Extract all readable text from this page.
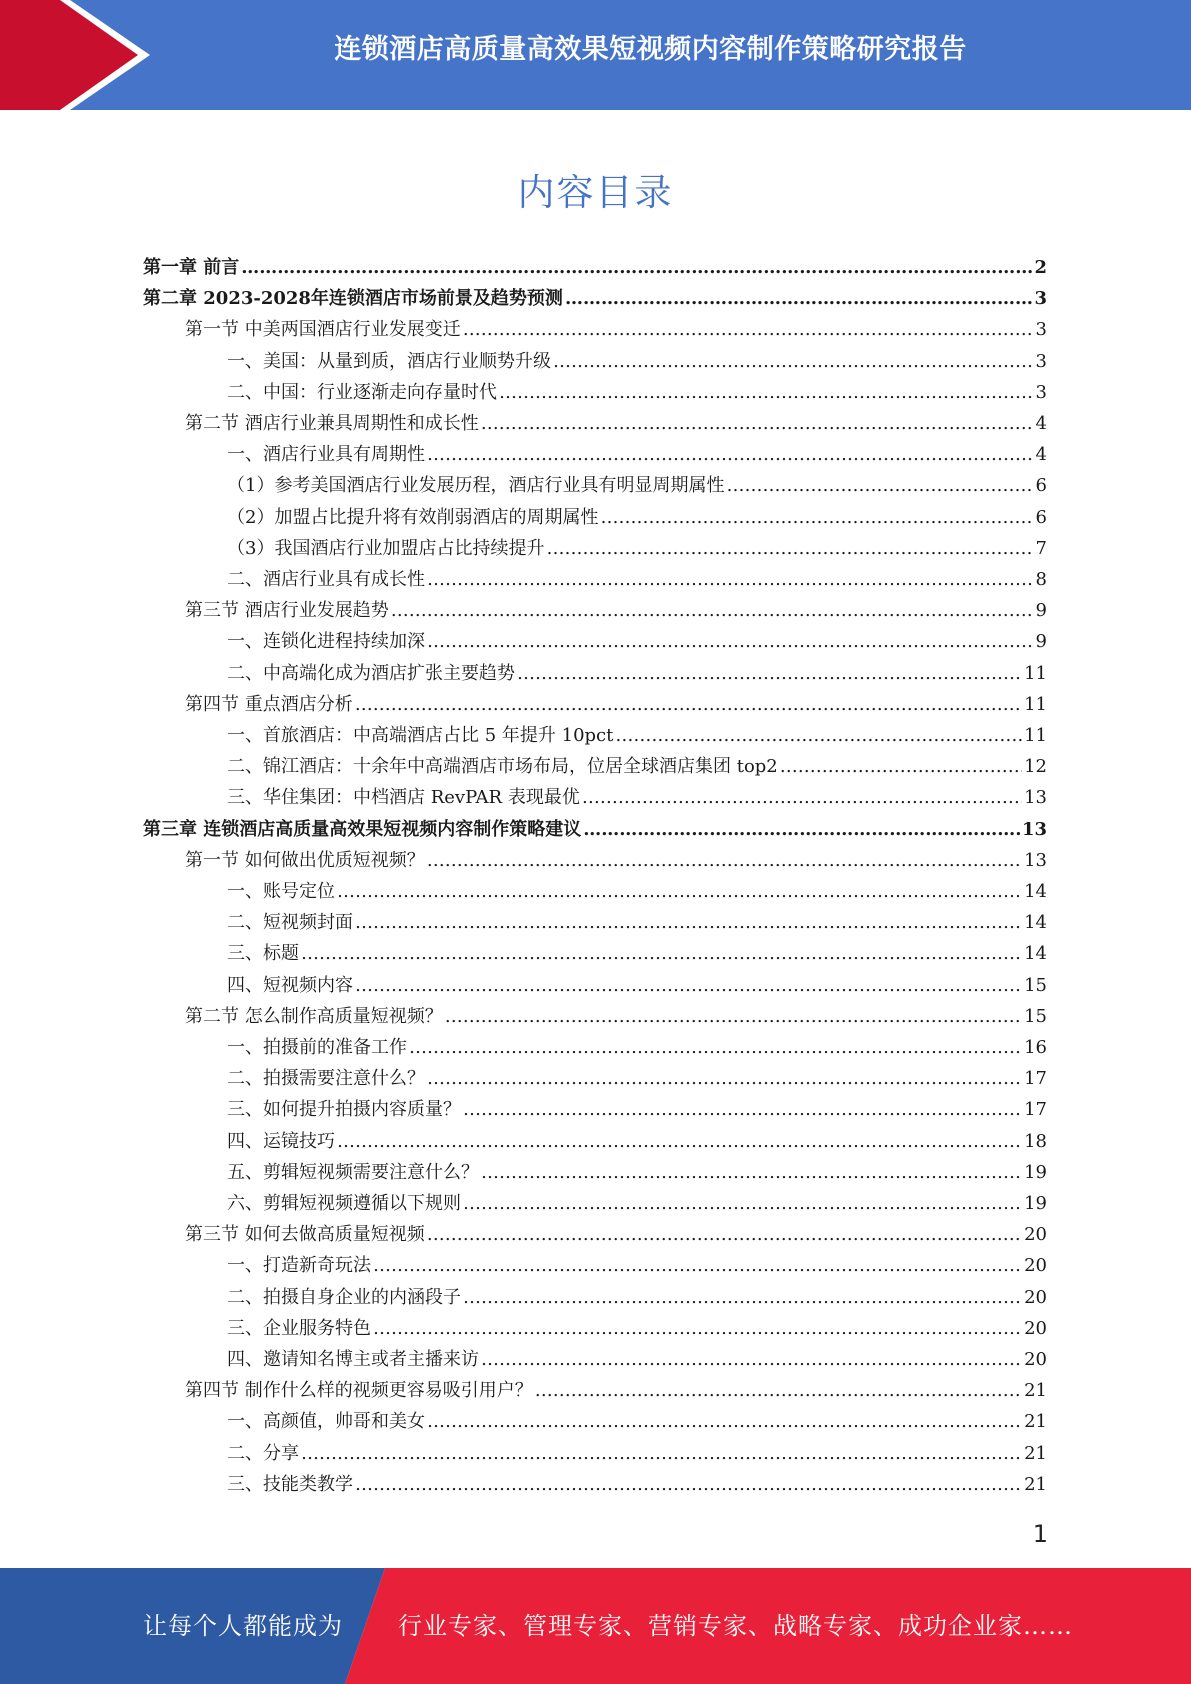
连锁酒店高质量高效果短视频内容制作策略研究报告
内容目录
第一章 前言 …………………………………………………………………………………………………………………………………………………………………………………………………………………………………………	2
第二章 2023-2028年连锁酒店市场前景及趋势预测 …………………………………………………………………………………………………………………………………………………………………………………………………………………………………………	3
第一节 中美两国酒店行业发展变迁 …………………………………………………………………………………………………………………………………………………………………………………………………………………………………………	3
一、美国：从量到质，酒店行业顺势升级 …………………………………………………………………………………………………………………………………………………………………………………………………………………………………………	3
二、中国：行业逐渐走向存量时代 …………………………………………………………………………………………………………………………………………………………………………………………………………………………………………	3
第二节 酒店行业兼具周期性和成长性 …………………………………………………………………………………………………………………………………………………………………………………………………………………………………………	4
一、酒店行业具有周期性 …………………………………………………………………………………………………………………………………………………………………………………………………………………………………………	4
（1）参考美国酒店行业发展历程，酒店行业具有明显周期属性 …………………………………………………………………………………………………………………………………………………………………………………………………………………………………………	6
（2）加盟占比提升将有效削弱酒店的周期属性 …………………………………………………………………………………………………………………………………………………………………………………………………………………………………………	6
（3）我国酒店行业加盟店占比持续提升 …………………………………………………………………………………………………………………………………………………………………………………………………………………………………………	7
二、酒店行业具有成长性 …………………………………………………………………………………………………………………………………………………………………………………………………………………………………………	8
第三节 酒店行业发展趋势 …………………………………………………………………………………………………………………………………………………………………………………………………………………………………………	9
一、连锁化进程持续加深 …………………………………………………………………………………………………………………………………………………………………………………………………………………………………………	9
二、中高端化成为酒店扩张主要趋势 …………………………………………………………………………………………………………………………………………………………………………………………………………………………………………	11
第四节 重点酒店分析 …………………………………………………………………………………………………………………………………………………………………………………………………………………………………………	11
一、首旅酒店：中高端酒店占比 5 年提升 10pct …………………………………………………………………………………………………………………………………………………………………………………………………………………………………………	11
二、锦江酒店：十余年中高端酒店市场布局，位居全球酒店集团 top2 …………………………………………………………………………………………………………………………………………………………………………………………………………………………………………	12
三、华住集团：中档酒店 RevPAR 表现最优 …………………………………………………………………………………………………………………………………………………………………………………………………………………………………………	13
第三章 连锁酒店高质量高效果短视频内容制作策略建议 …………………………………………………………………………………………………………………………………………………………………………………………………………………………………………	13
第一节 如何做出优质短视频？ …………………………………………………………………………………………………………………………………………………………………………………………………………………………………………	13
一、账号定位 …………………………………………………………………………………………………………………………………………………………………………………………………………………………………………	14
二、短视频封面 …………………………………………………………………………………………………………………………………………………………………………………………………………………………………………	14
三、标题 …………………………………………………………………………………………………………………………………………………………………………………………………………………………………………	14
四、短视频内容 …………………………………………………………………………………………………………………………………………………………………………………………………………………………………………	15
第二节 怎么制作高质量短视频？ …………………………………………………………………………………………………………………………………………………………………………………………………………………………………………	15
一、拍摄前的准备工作 …………………………………………………………………………………………………………………………………………………………………………………………………………………………………………	16
二、拍摄需要注意什么？ …………………………………………………………………………………………………………………………………………………………………………………………………………………………………………	17
三、如何提升拍摄内容质量？ …………………………………………………………………………………………………………………………………………………………………………………………………………………………………………	17
四、运镜技巧 …………………………………………………………………………………………………………………………………………………………………………………………………………………………………………	18
五、剪辑短视频需要注意什么？ …………………………………………………………………………………………………………………………………………………………………………………………………………………………………………	19
六、剪辑短视频遵循以下规则 …………………………………………………………………………………………………………………………………………………………………………………………………………………………………………	19
第三节 如何去做高质量短视频 …………………………………………………………………………………………………………………………………………………………………………………………………………………………………………	20
一、打造新奇玩法 …………………………………………………………………………………………………………………………………………………………………………………………………………………………………………	20
二、拍摄自身企业的内涵段子 …………………………………………………………………………………………………………………………………………………………………………………………………………………………………………	20
三、企业服务特色 …………………………………………………………………………………………………………………………………………………………………………………………………………………………………………	20
四、邀请知名博主或者主播来访 …………………………………………………………………………………………………………………………………………………………………………………………………………………………………………	20
第四节 制作什么样的视频更容易吸引用户？ …………………………………………………………………………………………………………………………………………………………………………………………………………………………………………	21
一、高颜值，帅哥和美女 …………………………………………………………………………………………………………………………………………………………………………………………………………………………………………	21
二、分享 …………………………………………………………………………………………………………………………………………………………………………………………………………………………………………	21
三、技能类教学 …………………………………………………………………………………………………………………………………………………………………………………………………………………………………………	21
1
让每个人都能成为 行业专家、管理专家、营销专家、战略专家、成功企业家……
